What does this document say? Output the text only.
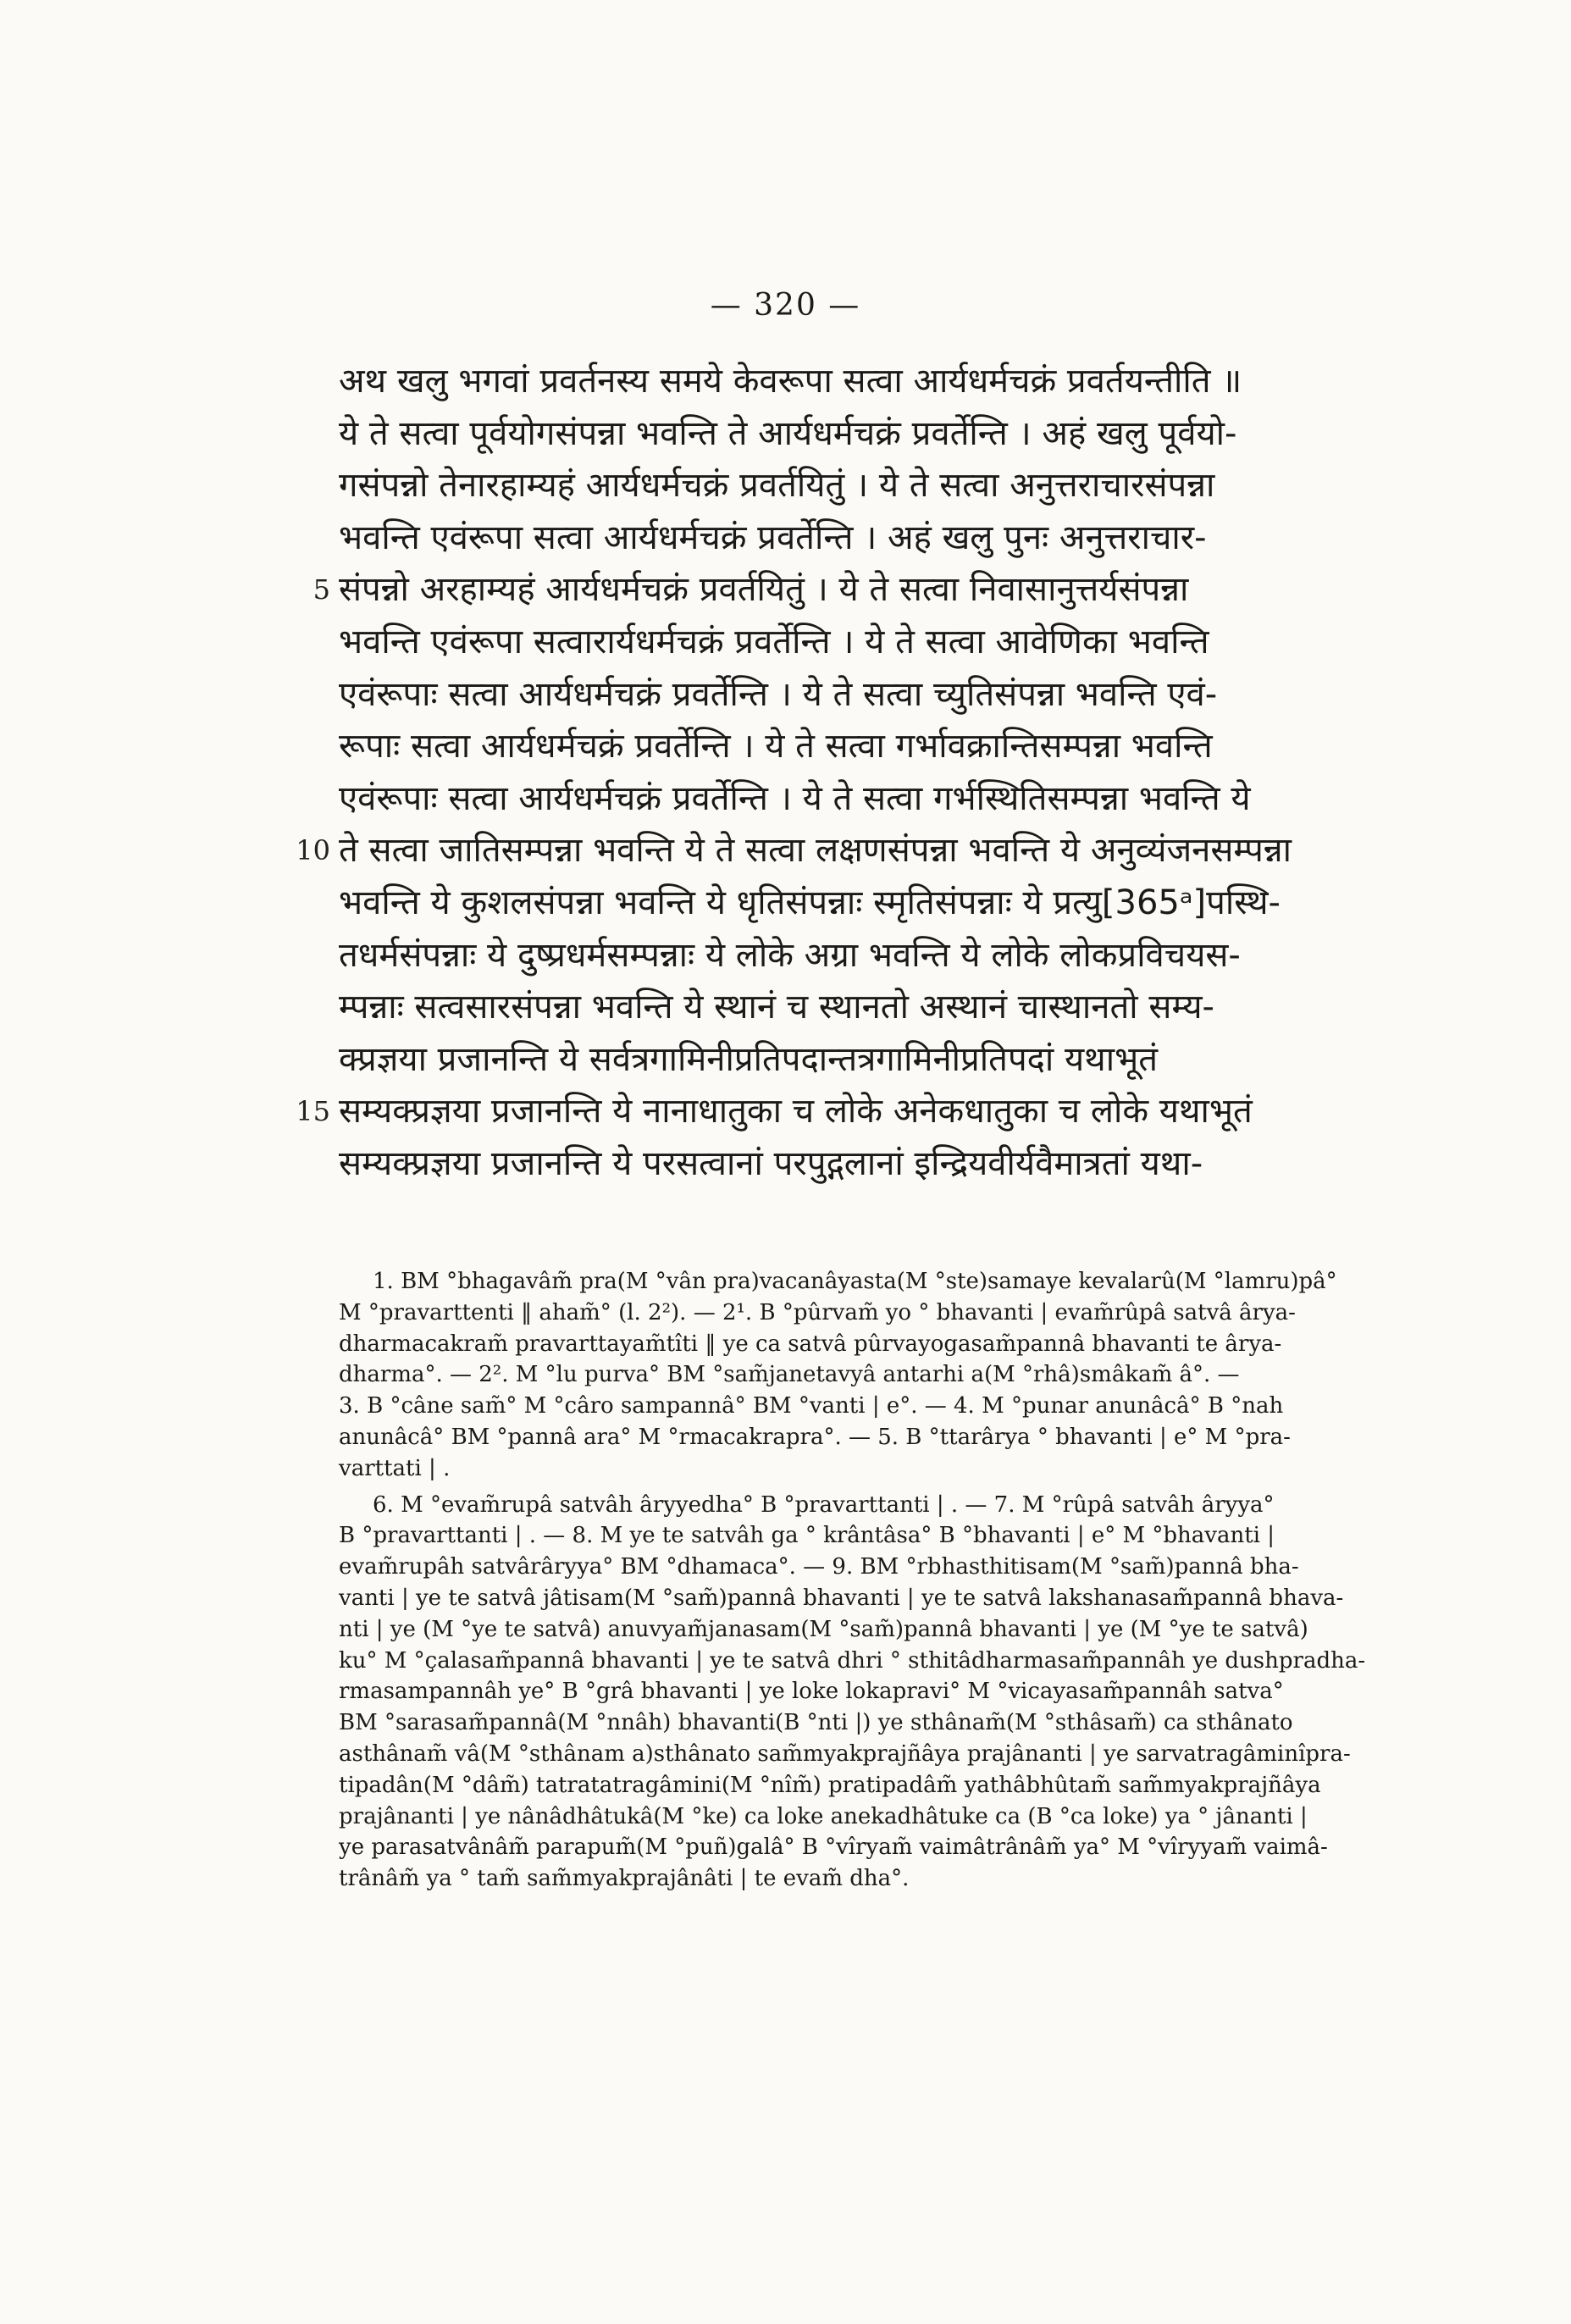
— 320 —
अथ खलु भगवां प्रवर्तनस्य समये केवरूपा सत्वा आर्यधर्मचक्रं प्रवर्तयन्तीति ॥
ये ते सत्वा पूर्वयोगसंपन्ना भवन्ति ते आर्यधर्मचक्रं प्रवर्तेन्ति । अहं खलु पूर्वयो-
गसंपन्नो तेनारहाम्यहं आर्यधर्मचक्रं प्रवर्तयितुं । ये ते सत्वा अनुत्तराचारसंपन्ना
भवन्ति एवंरूपा सत्वा आर्यधर्मचक्रं प्रवर्तेन्ति । अहं खलु पुनः अनुत्तराचार-
5 संपन्नो अरहाम्यहं आर्यधर्मचक्रं प्रवर्तयितुं । ये ते सत्वा निवासानुत्तर्यसंपन्ना
भवन्ति एवंरूपा सत्वारार्यधर्मचक्रं प्रवर्तेन्ति । ये ते सत्वा आवेणिका भवन्ति
एवंरूपाः सत्वा आर्यधर्मचक्रं प्रवर्तेन्ति । ये ते सत्वा च्युतिसंपन्ना भवन्ति एवं-
रूपाः सत्वा आर्यधर्मचक्रं प्रवर्तेन्ति । ये ते सत्वा गर्भावक्रान्तिसम्पन्ना भवन्ति
एवंरूपाः सत्वा आर्यधर्मचक्रं प्रवर्तेन्ति । ये ते सत्वा गर्भस्थितिसम्पन्ना भवन्ति ये
10 ते सत्वा जातिसम्पन्ना भवन्ति ये ते सत्वा लक्षणसंपन्ना भवन्ति ये अनुव्यंजनसम्पन्ना
भवन्ति ये कुशलसंपन्ना भवन्ति ये धृतिसंपन्नाः स्मृतिसंपन्नाः ये प्रत्यु[365ᵃ]पस्थि-
तधर्मसंपन्नाः ये दुष्प्रधर्मसम्पन्नाः ये लोके अग्रा भवन्ति ये लोके लोकप्रविचयस-
म्पन्नाः सत्वसारसंपन्ना भवन्ति ये स्थानं च स्थानतो अस्थानं चास्थानतो सम्य-
क्प्रज्ञया प्रजानन्ति ये सर्वत्रगामिनीप्रतिपदान्तत्रगामिनीप्रतिपदां यथाभूतं
15 सम्यक्प्रज्ञया प्रजानन्ति ये नानाधातुका च लोके अनेकधातुका च लोके यथाभूतं
सम्यक्प्रज्ञया प्रजानन्ति ये परसत्वानां परपुद्गलानां इन्द्रियवीर्यवैमात्रतां यथा-
1. BM °bhagavâm̃ pra(M °vân pra)vacanâyasta(M °ste)samaye kevalarû(M °lamru)pâ°
M °pravarttenti ‖ aham̃° (l. 2²). — 2¹. B °pûrvam̃ yo ° bhavanti | evam̃rûpâ satvâ ârya-
dharmacakram̃ pravarttayam̃tîti ‖ ye ca satvâ pûrvayogasam̃pannâ bhavanti te ârya-
dharma°. — 2². M °lu purva° BM °sam̃janetavyâ antarhi a(M °rhâ)smâkam̃ â°. —
3. B °câne sam̃° M °câro sampannâ° BM °vanti | e°. — 4. M °punar anunâcâ° B °nah
anunâcâ° BM °pannâ ara° M °rmacakrapra°. — 5. B °ttarârya ° bhavanti | e° M °pra-
varttati | .
6. M °evam̃rupâ satvâh âryyedha° B °pravarttanti | . — 7. M °rûpâ satvâh âryya°
B °pravarttanti | . — 8. M ye te satvâh ga ° krântâsa° B °bhavanti | e° M °bhavanti |
evam̃rupâh satvârâryya° BM °dhamaca°. — 9. BM °rbhasthitisam(M °sam̃)pannâ bha-
vanti | ye te satvâ jâtisam(M °sam̃)pannâ bhavanti | ye te satvâ lakshanasam̃pannâ bhava-
nti | ye (M °ye te satvâ) anuvyam̃janasam(M °sam̃)pannâ bhavanti | ye (M °ye te satvâ)
ku° M °çalasam̃pannâ bhavanti | ye te satvâ dhri ° sthitâdharmasam̃pannâh ye dushpradha-
rmasampannâh ye° B °grâ bhavanti | ye loke lokapravi° M °vicayasam̃pannâh satva°
BM °sarasam̃pannâ(M °nnâh) bhavanti(B °nti |) ye sthânam̃(M °sthâsam̃) ca sthânato
asthânam̃ vâ(M °sthânam a)sthânato sam̃myakprajñâya prajânanti | ye sarvatragâminîpra-
tipadân(M °dâm̃) tatratatragâmini(M °nîm̃) pratipadâm̃ yathâbhûtam̃ sam̃myakprajñâya
prajânanti | ye nânâdhâtukâ(M °ke) ca loke anekadhâtuke ca (B °ca loke) ya ° jânanti |
ye parasatvânâm̃ parapum̃(M °puñ)galâ° B °vîryam̃ vaimâtrânâm̃ ya° M °vîryyam̃ vaimâ-
trânâm̃ ya ° tam̃ sam̃myakprajânâti | te evam̃ dha°.
